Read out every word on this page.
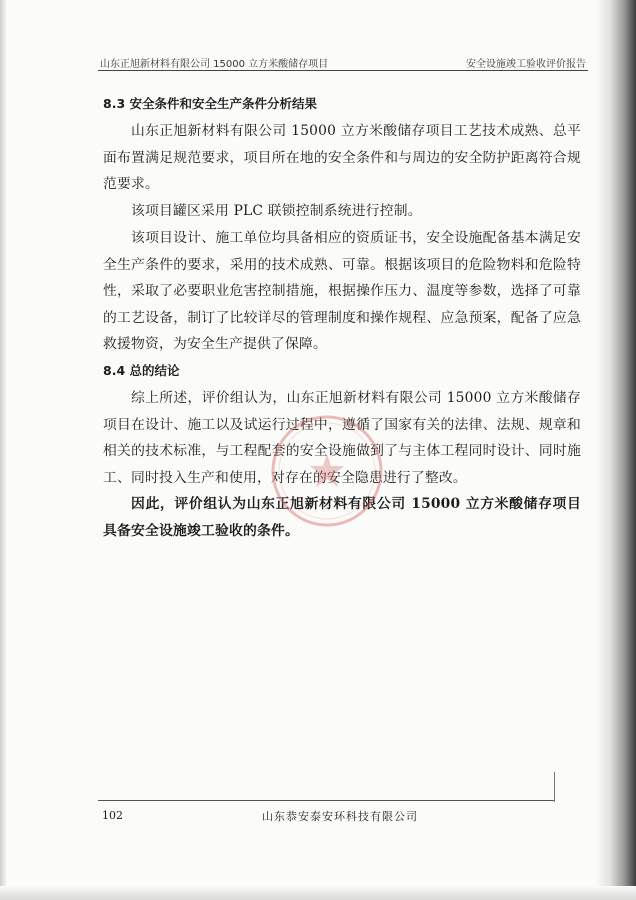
山东正旭新材料有限公司 15000 立方米酸储存项目	安全设施竣工验收评价报告
8.3 安全条件和安全生产条件分析结果
山东正旭新材料有限公司 15000 立方米酸储存项目工艺技术成熟、总平面布置满足规范要求，项目所在地的安全条件和与周边的安全防护距离符合规范要求。
该项目罐区采用 PLC 联锁控制系统进行控制。
该项目设计、施工单位均具备相应的资质证书，安全设施配备基本满足安全生产条件的要求，采用的技术成熟、可靠。根据该项目的危险物料和危险特性，采取了必要职业危害控制措施，根据操作压力、温度等参数，选择了可靠的工艺设备，制订了比较详尽的管理制度和操作规程、应急预案，配备了应急救援物资，为安全生产提供了保障。
8.4 总的结论
综上所述，评价组认为，山东正旭新材料有限公司 15000 立方米酸储存项目在设计、施工以及试运行过程中，遵循了国家有关的法律、法规、规章和相关的技术标准，与工程配套的安全设施做到了与主体工程同时设计、同时施工、同时投入生产和使用，对存在的安全隐患进行了整改。
因此，评价组认为山东正旭新材料有限公司 15000 立方米酸储存项目具备安全设施竣工验收的条件。
102	山东恭安泰安环科技有限公司
